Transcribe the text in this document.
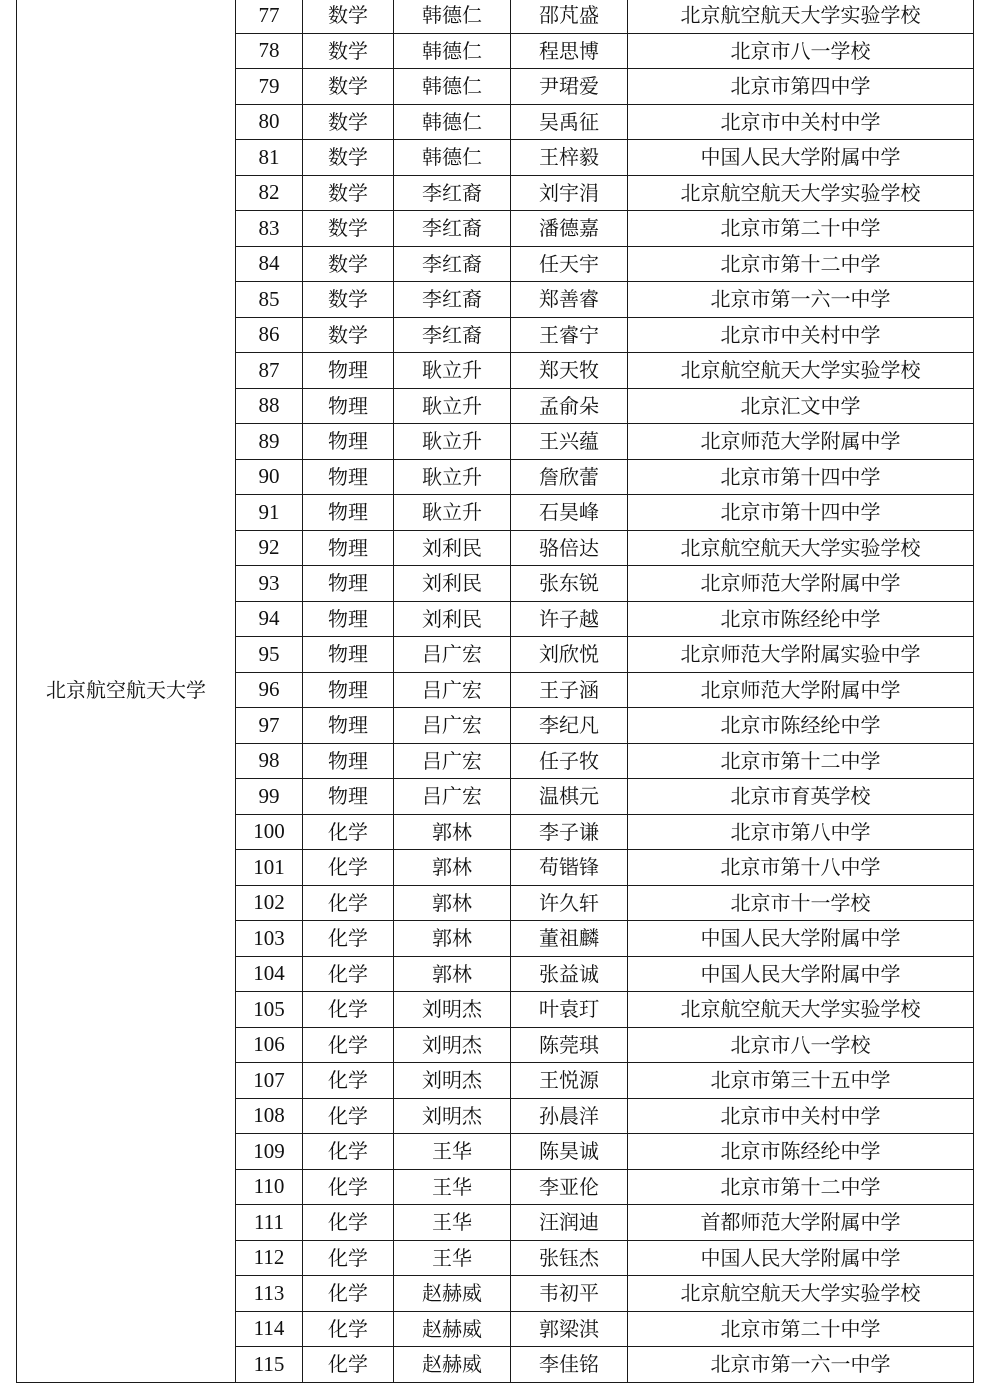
北京航空航天大学	77	数学	韩德仁	邵芃盛	北京航空航天大学实验学校
	78	数学	韩德仁	程思博	北京市八一学校
	79	数学	韩德仁	尹珺爱	北京市第四中学
	80	数学	韩德仁	吴禹征	北京市中关村中学
	81	数学	韩德仁	王梓毅	中国人民大学附属中学
	82	数学	李红裔	刘宇涓	北京航空航天大学实验学校
	83	数学	李红裔	潘德嘉	北京市第二十中学
	84	数学	李红裔	任天宇	北京市第十二中学
	85	数学	李红裔	郑善睿	北京市第一六一中学
	86	数学	李红裔	王睿宁	北京市中关村中学
	87	物理	耿立升	郑天牧	北京航空航天大学实验学校
	88	物理	耿立升	孟俞朵	北京汇文中学
	89	物理	耿立升	王兴蕴	北京师范大学附属中学
	90	物理	耿立升	詹欣蕾	北京市第十四中学
	91	物理	耿立升	石昊峰	北京市第十四中学
	92	物理	刘利民	骆倍达	北京航空航天大学实验学校
	93	物理	刘利民	张东锐	北京师范大学附属中学
	94	物理	刘利民	许子越	北京市陈经纶中学
	95	物理	吕广宏	刘欣悦	北京师范大学附属实验中学
	96	物理	吕广宏	王子涵	北京师范大学附属中学
	97	物理	吕广宏	李纪凡	北京市陈经纶中学
	98	物理	吕广宏	任子牧	北京市第十二中学
	99	物理	吕广宏	温棋元	北京市育英学校
	100	化学	郭林	李子谦	北京市第八中学
	101	化学	郭林	苟锴锋	北京市第十八中学
	102	化学	郭林	许久轩	北京市十一学校
	103	化学	郭林	董祖麟	中国人民大学附属中学
	104	化学	郭林	张益诚	中国人民大学附属中学
	105	化学	刘明杰	叶袁玎	北京航空航天大学实验学校
	106	化学	刘明杰	陈莞琪	北京市八一学校
	107	化学	刘明杰	王悦源	北京市第三十五中学
	108	化学	刘明杰	孙晨洋	北京市中关村中学
	109	化学	王华	陈昊诚	北京市陈经纶中学
	110	化学	王华	李亚伦	北京市第十二中学
	111	化学	王华	汪润迪	首都师范大学附属中学
	112	化学	王华	张钰杰	中国人民大学附属中学
	113	化学	赵赫威	韦初平	北京航空航天大学实验学校
	114	化学	赵赫威	郭梁淇	北京市第二十中学
	115	化学	赵赫威	李佳铭	北京市第一六一中学
